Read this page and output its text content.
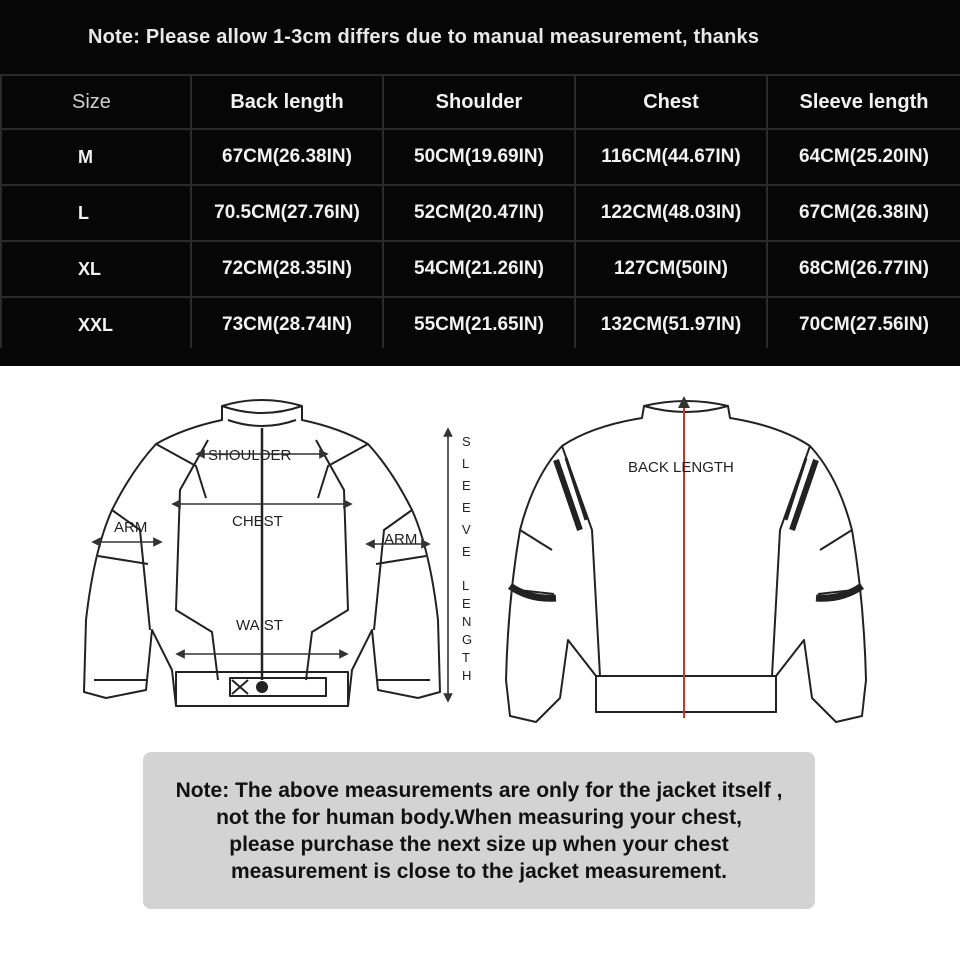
Note: Please allow 1-3cm differs due to manual measurement, thanks
Size	Back length	Shoulder	Chest	Sleeve length
M	67CM(26.38IN)	50CM(19.69IN)	116CM(44.67IN)	64CM(25.20IN)
L	70.5CM(27.76IN)	52CM(20.47IN)	122CM(48.03IN)	67CM(26.38IN)
XL	72CM(28.35IN)	54CM(21.26IN)	127CM(50IN)	68CM(26.77IN)
XXL	73CM(28.74IN)	55CM(21.65IN)	132CM(51.97IN)	70CM(27.56IN)
SHOULDER
CHEST
ARM
ARM
WAIST
S
L
E
E
V
E
L
E
N
G
T
H
BACK LENGTH
Note: The above measurements are only for the jacket itself ,
not the for human body.When measuring your chest,
please purchase the next size up when your chest
measurement is close to the jacket measurement.
